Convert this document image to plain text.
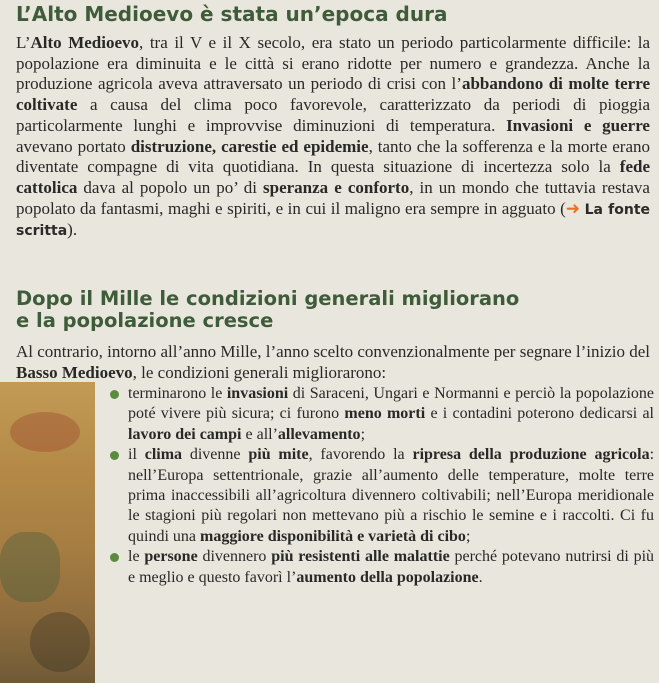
L’Alto Medioevo è stata un’epoca dura

L’Alto Medioevo, tra il V e il X secolo, era stato un periodo particolarmente difficile: la popolazione era diminuita e le città si erano ridotte per numero e grandezza. Anche la produzione agricola aveva attraversato un periodo di crisi con l’abbandono di molte terre coltivate a causa del clima poco favorevole, caratterizzato da periodi di pioggia particolarmente lunghi e improvvise diminuzioni di temperatura. Invasioni e guerre avevano portato distruzione, carestie ed epidemie, tanto che la sofferenza e la morte erano diventate compagne di vita quotidiana. In questa situazione di incertezza solo la fede cattolica dava al popolo un po’ di speranza e conforto, in un mondo che tuttavia restava popolato da fantasmi, maghi e spiriti, e in cui il maligno era sempre in agguato (➜ La fonte scritta).

Dopo il Mille le condizioni generali migliorano e la popolazione cresce

Al contrario, intorno all’anno Mille, l’anno scelto convenzionalmente per segnare l’inizio del Basso Medioevo, le condizioni generali migliorarono:

terminarono le invasioni di Saraceni, Ungari e Normanni e perciò la popolazione poté vivere più sicura; ci furono meno morti e i contadini poterono dedicarsi al lavoro dei campi e all’allevamento;
il clima divenne più mite, favorendo la ripresa della produzione agricola: nell’Europa settentrionale, grazie all’aumento delle temperature, molte terre prima inaccessibili all’agricoltura divennero coltivabili; nell’Europa meridionale le stagioni più regolari non mettevano più a rischio le semine e i raccolti. Ci fu quindi una maggiore disponibilità e varietà di cibo;
le persone divennero più resistenti alle malattie perché potevano nutrirsi di più e meglio e questo favorì l’aumento della popolazione.
